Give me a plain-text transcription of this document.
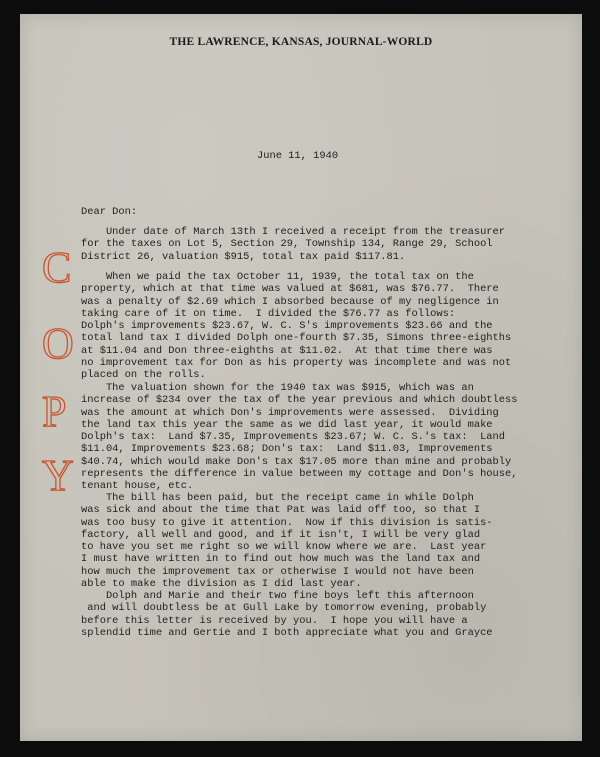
THE LAWRENCE, KANSAS, JOURNAL-WORLD
June 11, 1940
Dear Don:
C
O
P
Y
Under date of March 13th I received a receipt from the treasurer
for the taxes on Lot 5, Section 29, Township 134, Range 29, School
District 26, valuation $915, total tax paid $117.81.
When we paid the tax October 11, 1939, the total tax on the
property, which at that time was valued at $681, was $76.77.  There
was a penalty of $2.69 which I absorbed because of my negligence in
taking care of it on time.  I divided the $76.77 as follows:
Dolph's improvements $23.67, W. C. S's improvements $23.66 and the
total land tax I divided Dolph one-fourth $7.35, Simons three-eighths
at $11.04 and Don three-eighths at $11.02.  At that time there was
no improvement tax for Don as his property was incomplete and was not
placed on the rolls.
The valuation shown for the 1940 tax was $915, which was an
increase of $234 over the tax of the year previous and which doubtless
was the amount at which Don's improvements were assessed.  Dividing
the land tax this year the same as we did last year, it would make
Dolph's tax:  Land $7.35, Improvements $23.67; W. C. S.'s tax:  Land
$11.04, Improvements $23.68; Don's tax:  Land $11.03, Improvements
$40.74, which would make Don's tax $17.05 more than mine and probably
represents the difference in value between my cottage and Don's house,
tenant house, etc.
The bill has been paid, but the receipt came in while Dolph
was sick and about the time that Pat was laid off too, so that I
was too busy to give it attention.  Now if this division is satis-
factory, all well and good, and if it isn't, I will be very glad
to have you set me right so we will know where we are.  Last year
I must have written in to find out how much was the land tax and
how much the improvement tax or otherwise I would not have been
able to make the division as I did last year.
Dolph and Marie and their two fine boys left this afternoon
and will doubtless be at Gull Lake by tomorrow evening, probably
before this letter is received by you.  I hope you will have a
splendid time and Gertie and I both appreciate what you and Grayce
